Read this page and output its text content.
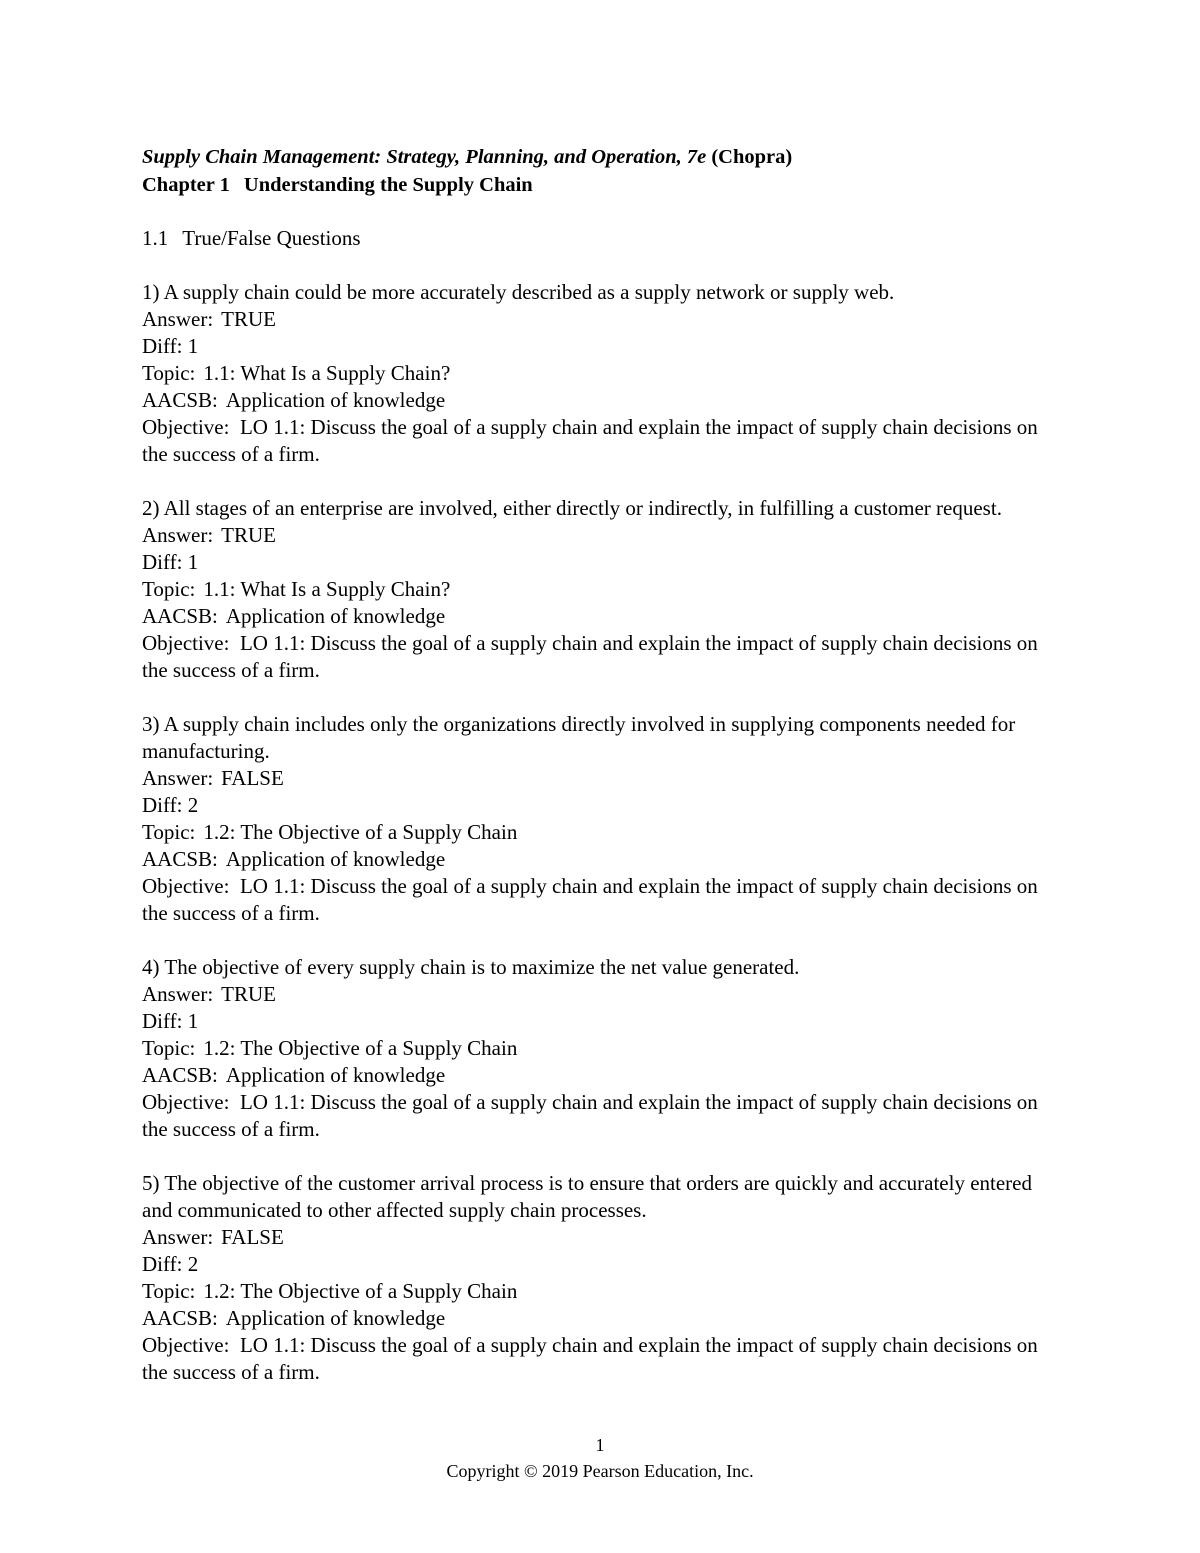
Supply Chain Management: Strategy, Planning, and Operation, 7e (Chopra)
Chapter 1 Understanding the Supply Chain
1.1 True/False Questions
1) A supply chain could be more accurately described as a supply network or supply web.
Answer: TRUE
Diff: 1
Topic: 1.1: What Is a Supply Chain?
AACSB: Application of knowledge
Objective: LO 1.1: Discuss the goal of a supply chain and explain the impact of supply chain decisions on the success of a firm.
2) All stages of an enterprise are involved, either directly or indirectly, in fulfilling a customer request.
Answer: TRUE
Diff: 1
Topic: 1.1: What Is a Supply Chain?
AACSB: Application of knowledge
Objective: LO 1.1: Discuss the goal of a supply chain and explain the impact of supply chain decisions on the success of a firm.
3) A supply chain includes only the organizations directly involved in supplying components needed for manufacturing.
Answer: FALSE
Diff: 2
Topic: 1.2: The Objective of a Supply Chain
AACSB: Application of knowledge
Objective: LO 1.1: Discuss the goal of a supply chain and explain the impact of supply chain decisions on the success of a firm.
4) The objective of every supply chain is to maximize the net value generated.
Answer: TRUE
Diff: 1
Topic: 1.2: The Objective of a Supply Chain
AACSB: Application of knowledge
Objective: LO 1.1: Discuss the goal of a supply chain and explain the impact of supply chain decisions on the success of a firm.
5) The objective of the customer arrival process is to ensure that orders are quickly and accurately entered and communicated to other affected supply chain processes.
Answer: FALSE
Diff: 2
Topic: 1.2: The Objective of a Supply Chain
AACSB: Application of knowledge
Objective: LO 1.1: Discuss the goal of a supply chain and explain the impact of supply chain decisions on the success of a firm.
1
Copyright © 2019 Pearson Education, Inc.
